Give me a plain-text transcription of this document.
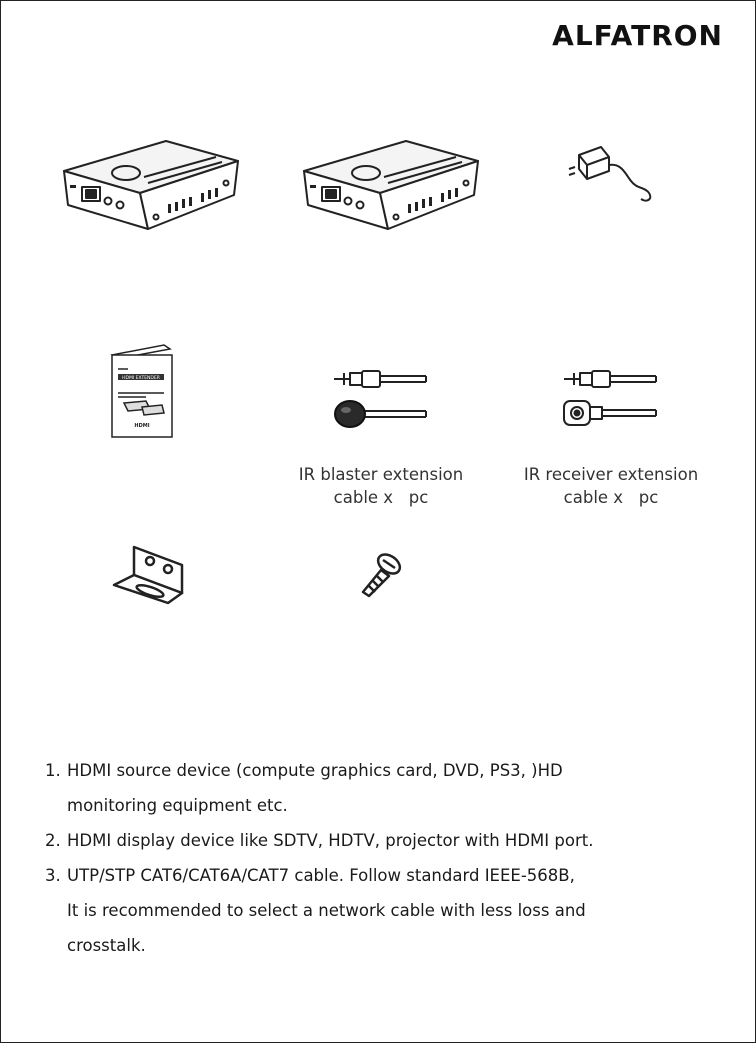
ALFATRON
HDMI EXTENDER
HDMI
IR blaster extension
cable x   pc
IR receiver extension
cable x   pc
1. HDMI source device (compute graphics card, DVD, PS3, )HD
monitoring equipment etc.
2. HDMI display device like SDTV, HDTV, projector with HDMI port.
3. UTP/STP CAT6/CAT6A/CAT7 cable. Follow standard IEEE-568B,
It is recommended to select a network cable with less loss and
crosstalk.
